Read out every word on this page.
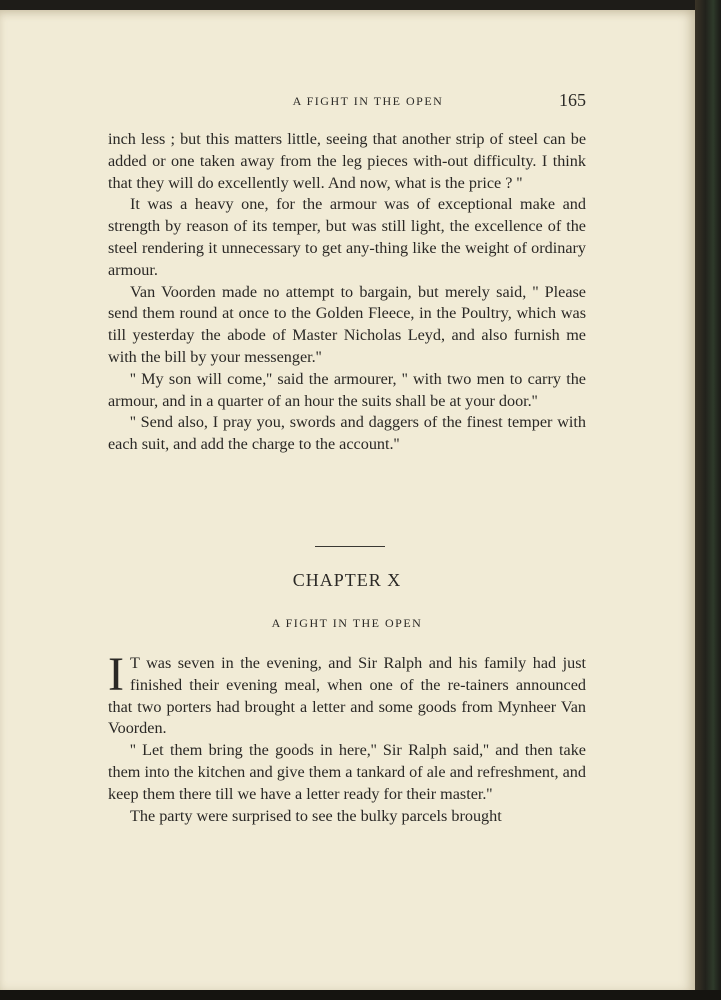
A FIGHT IN THE OPEN	165

inch less ; but this matters little, seeing that another strip of steel can be added or one taken away from the leg pieces with-out difficulty. I think that they will do excellently well. And now, what is the price ? ''

It was a heavy one, for the armour was of exceptional make and strength by reason of its temper, but was still light, the excellence of the steel rendering it unnecessary to get any-thing like the weight of ordinary armour.

Van Voorden made no attempt to bargain, but merely said, '' Please send them round at once to the Golden Fleece, in the Poultry, which was till yesterday the abode of Master Nicholas Leyd, and also furnish me with the bill by your messenger.''

'' My son will come,'' said the armourer, '' with two men to carry the armour, and in a quarter of an hour the suits shall be at your door.''

'' Send also, I pray you, swords and daggers of the finest temper with each suit, and add the charge to the account.''

CHAPTER X
A FIGHT IN THE OPEN

I T was seven in the evening, and Sir Ralph and his family had just finished their evening meal, when one of the re-tainers announced that two porters had brought a letter and some goods from Mynheer Van Voorden.

'' Let them bring the goods in here,'' Sir Ralph said,'' and then take them into the kitchen and give them a tankard of ale and refreshment, and keep them there till we have a letter ready for their master.''

The party were surprised to see the bulky parcels brought
